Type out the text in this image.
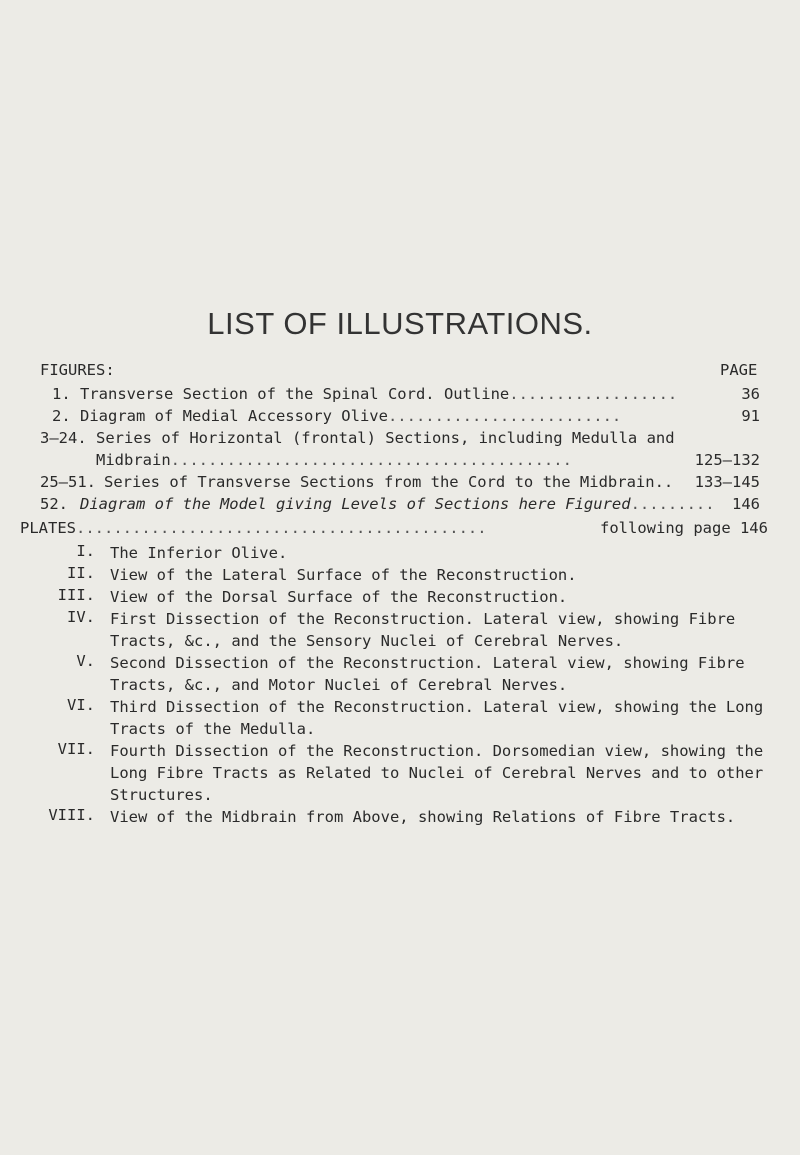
LIST OF ILLUSTRATIONS.
FIGURES:	PAGE
1. Transverse Section of the Spinal Cord. Outline..................	36
2. Diagram of Medial Accessory Olive.........................	91
3–24. Series of Horizontal (frontal) Sections, including Medulla and
Midbrain...........................................	125–132
25–51. Series of Transverse Sections from the Cord to the Midbrain..	133–145
52. Diagram of the Model giving Levels of Sections here Figured.........	146
PLATES............................................	following page 146
I. The Inferior Olive.
II. View of the Lateral Surface of the Reconstruction.
III. View of the Dorsal Surface of the Reconstruction.
IV. First Dissection of the Reconstruction. Lateral view, showing Fibre Tracts, &c., and the Sensory Nuclei of Cerebral Nerves.
V. Second Dissection of the Reconstruction. Lateral view, showing Fibre Tracts, &c., and Motor Nuclei of Cerebral Nerves.
VI. Third Dissection of the Reconstruction. Lateral view, showing the Long Tracts of the Medulla.
VII. Fourth Dissection of the Reconstruction. Dorsomedian view, showing the Long Fibre Tracts as Related to Nuclei of Cerebral Nerves and to other Structures.
VIII. View of the Midbrain from Above, showing Relations of Fibre Tracts.
